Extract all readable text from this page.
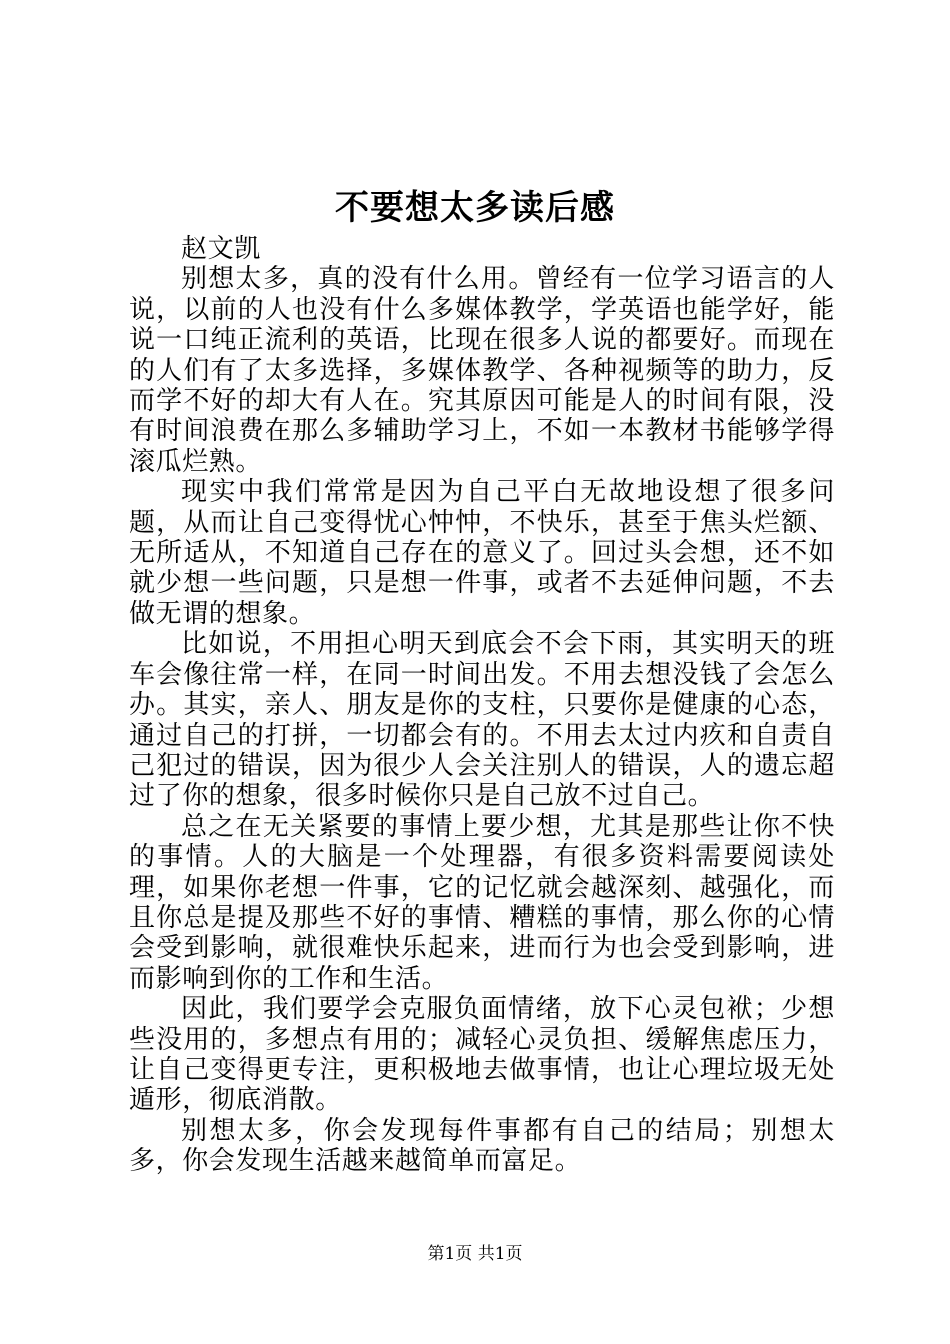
不要想太多读后感

赵文凯

别想太多，真的没有什么用。曾经有一位学习语言的人说，以前的人也没有什么多媒体教学，学英语也能学好，能说一口纯正流利的英语，比现在很多人说的都要好。而现在的人们有了太多选择，多媒体教学、各种视频等的助力，反而学不好的却大有人在。究其原因可能是人的时间有限，没有时间浪费在那么多辅助学习上，不如一本教材书能够学得滚瓜烂熟。

现实中我们常常是因为自己平白无故地设想了很多问题，从而让自己变得忧心忡忡，不快乐，甚至于焦头烂额、无所适从，不知道自己存在的意义了。回过头会想，还不如就少想一些问题，只是想一件事，或者不去延伸问题，不去做无谓的想象。

比如说，不用担心明天到底会不会下雨，其实明天的班车会像往常一样，在同一时间出发。不用去想没钱了会怎么办。其实，亲人、朋友是你的支柱，只要你是健康的心态，通过自己的打拼，一切都会有的。不用去太过内疚和自责自己犯过的错误，因为很少人会关注别人的错误，人的遗忘超过了你的想象，很多时候你只是自己放不过自己。

总之在无关紧要的事情上要少想，尤其是那些让你不快的事情。人的大脑是一个处理器，有很多资料需要阅读处理，如果你老想一件事，它的记忆就会越深刻、越强化，而且你总是提及那些不好的事情、糟糕的事情，那么你的心情会受到影响，就很难快乐起来，进而行为也会受到影响，进而影响到你的工作和生活。

因此，我们要学会克服负面情绪，放下心灵包袱；少想些没用的，多想点有用的；减轻心灵负担、缓解焦虑压力，让自己变得更专注，更积极地去做事情，也让心理垃圾无处遁形，彻底消散。

别想太多，你会发现每件事都有自己的结局；别想太多，你会发现生活越来越简单而富足。

第1页 共1页
